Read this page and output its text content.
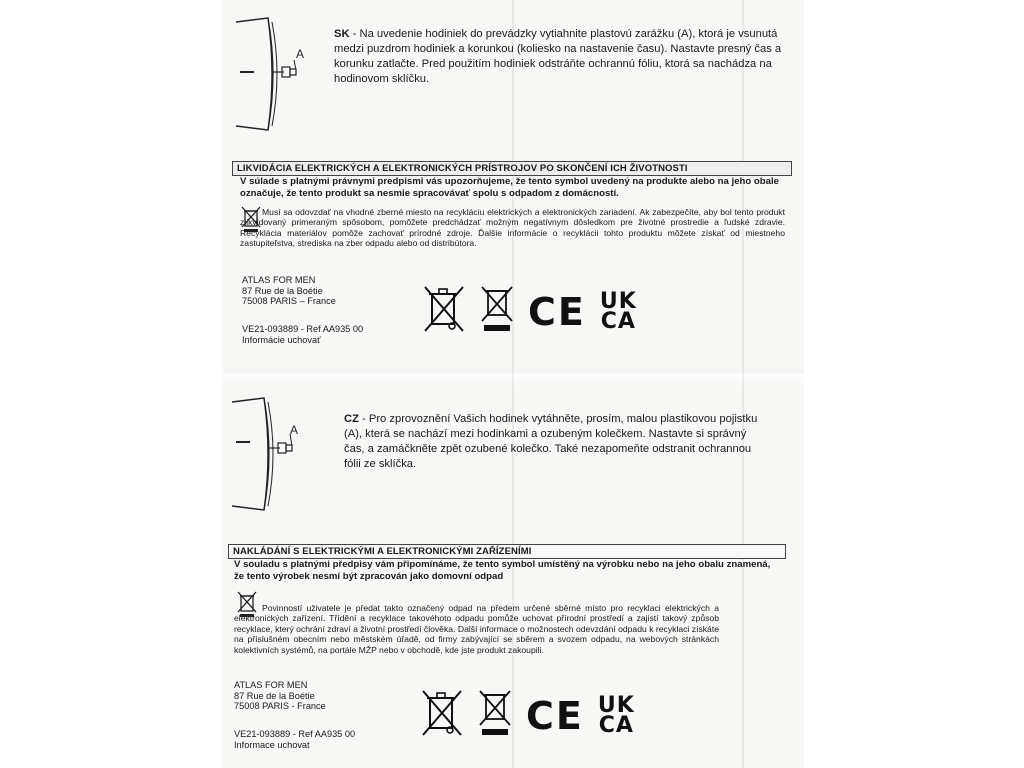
A
SK - Na uvedenie hodiniek do prevádzky vytiahnite plastovú zarážku (A), ktorá je vsunutá medzi puzdrom hodiniek a korunkou (koliesko na nastavenie času). Nastavte presný čas a korunku zatlačte. Pred použitím hodiniek odstráňte ochrannú fóliu, ktorá sa nachádza na hodinovom sklíčku.
LIKVIDÁCIA ELEKTRICKÝCH A ELEKTRONICKÝCH PRÍSTROJOV PO SKONČENÍ ICH ŽIVOTNOSTI
V súlade s platnými právnymi predpismi vás upozorňujeme, že tento symbol uvedený na produkte alebo na jeho obale označuje, že tento produkt sa nesmie spracovávať spolu s odpadom z domácností.
Musí sa odovzdať na vhodné zberné miesto na recykláciu elektrických a elektronických zariadení. Ak zabezpečíte, aby bol tento produkt zlikvidovaný primeraným spôsobom, pomôžete predchádzať možným negatívnym dôsledkom pre životné prostredie a ľudské zdravie. Recyklácia materiálov pomôže zachovať prírodné zdroje. Ďalšie informácie o recyklácii tohto produktu môžete získať od miestneho zastupiteľstva, strediska na zber odpadu alebo od distribútora.
ATLAS FOR MEN
87 Rue de la Boétie
75008 PARIS – France
VE21-093889 - Ref AA935 00
Informácie uchovať
CE UK
CA
A
CZ - Pro zprovoznění Vašich hodinek vytáhněte, prosím, malou plastikovou pojistku (A), která se nachází mezi hodinkami a ozubeným kolečkem. Nastavte si správný čas, a zamáčkněte zpět ozubené kolečko. Také nezapomeňte odstranit ochrannou fólii ze sklíčka.
NAKLÁDÁNÍ S ELEKTRICKÝMI A ELEKTRONICKÝMI ZAŘÍZENÍMI
V souladu s platnými předpisy vám připomínáme, že tento symbol umístěný na výrobku nebo na jeho obalu znamená, že tento výrobek nesmí být zpracován jako domovní odpad
Povinností uživatele je předat takto označený odpad na předem určené sběrné místo pro recyklaci elektrických a elektronických zařízení. Třídění a recyklace takovéhoto odpadu pomůže uchovat přírodní prostředí a zajistí takový způsob recyklace, který ochrání zdraví a životní prostředí člověka. Další informace o možnostech odevzdání odpadu k recyklaci získáte na příslušném obecním nebo městském úřadě, od firmy zabývající se sběrem a svozem odpadu, na webových stránkách kolektivních systémů, na portále MŽP nebo v obchodě, kde jste produkt zakoupili.
ATLAS FOR MEN
87 Rue de la Boétie
75008 PARIS - France
VE21-093889 - Ref AA935 00
Informace uchovat
CE UK
CA
